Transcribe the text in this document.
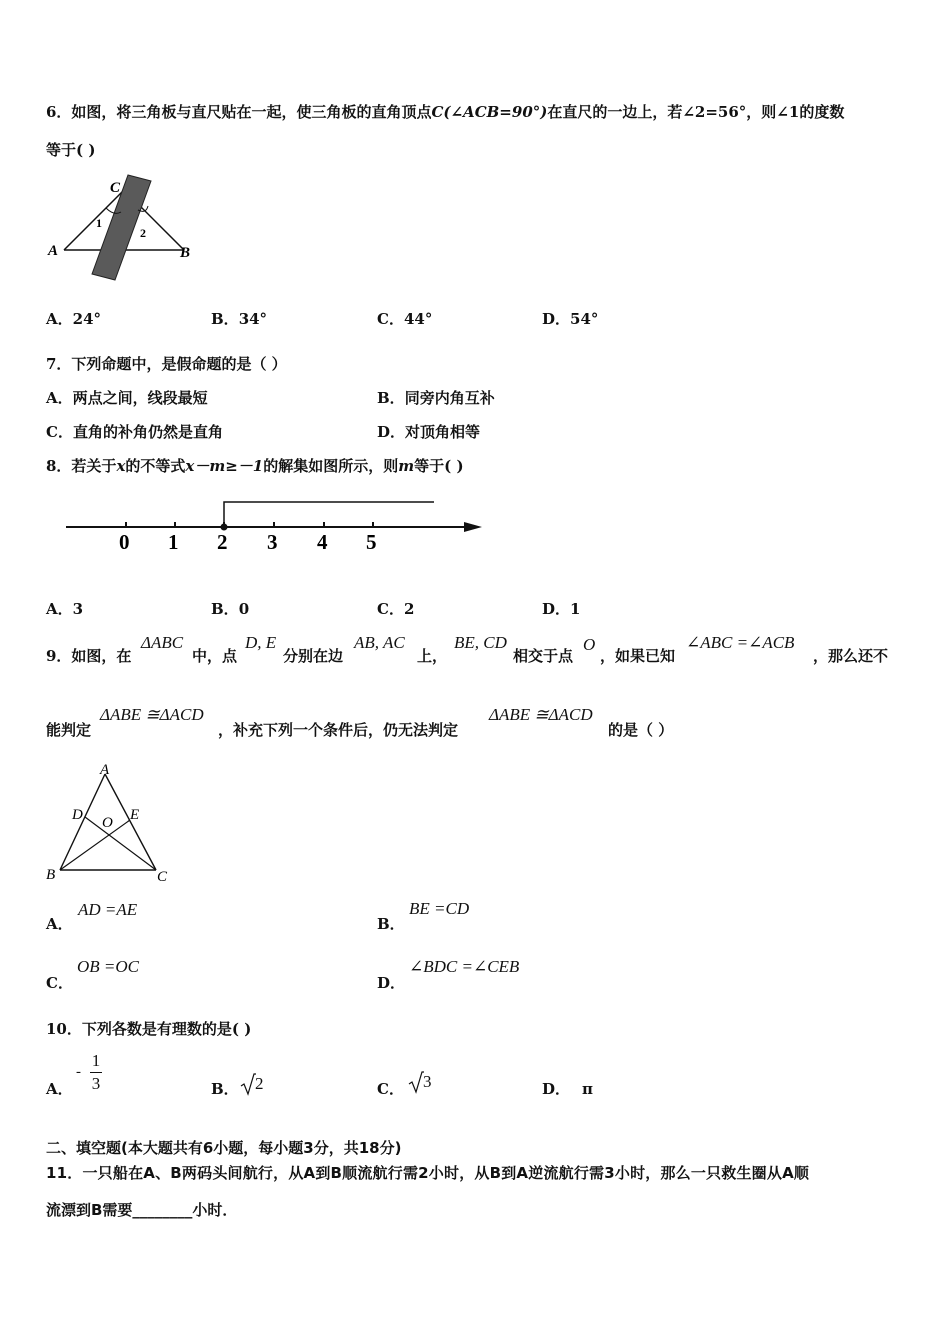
6．如图，将三角板与直尺贴在一起，使三角板的直角顶点C(∠ACB=90°)在直尺的一边上，若∠2=56°，则∠1的度数
等于( )
C
A	B
1
2
A．24°	B．34°	C．44°	D．54°
7．下列命题中，是假命题的是（ ）
A．两点之间，线段最短	B．同旁内角互补
C．直角的补角仍然是直角	D．对顶角相等
8．若关于x的不等式x－m≥－1的解集如图所示，则m等于( )
0 1 2 3 4 5
A．3	B．0	C．2	D．1
9．如图，在
ΔABC
中，点
D, E
分别在边
AB, AC
上，
BE, CD
相交于点
O
，如果已知
∠ABC =∠ACB
，那么还不
能判定
ΔABE ≅ΔACD
，补充下列一个条件后，仍无法判定
ΔABE ≅ΔACD
的是（ ）
A
B	C
D	E
O
A．
AD =AE
B．
BE =CD
C．
OB =OC
D．
∠BDC =∠CEB
10．下列各数是有理数的是( )
A．
-
1
3	B． 2	C． 3	D． π
二、填空题(本大题共有6小题，每小题3分，共18分)
11．一只船在A、B两码头间航行，从A到B顺流航行需2小时，从B到A逆流航行需3小时，那么一只救生圈从A顺
流漂到B需要________小时．
